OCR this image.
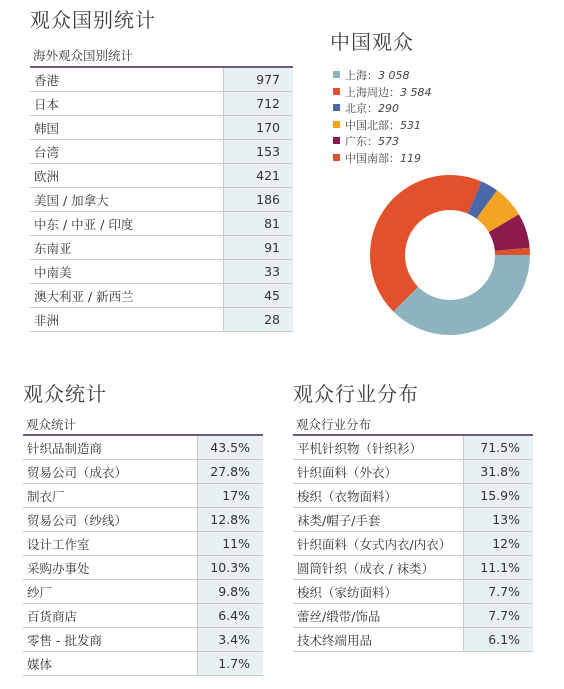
观众国别统计
海外观众国别统计
香港	977
日本	712
韩国	170
台湾	153
欧洲	421
美国 / 加拿大	186
中东 / 中亚 / 印度	81
东南亚	91
中南美	33
澳大利亚 / 新西兰	45
非洲	28
中国观众
上海：3 058
上海周边：3 584
北京：290
中国北部：531
广东：573
中国南部：119
观众统计
观众统计
针织品制造商	43.5%
贸易公司（成衣）	27.8%
制衣厂	17%
贸易公司（纱线）	12.8%
设计工作室	11%
采购办事处	10.3%
纱厂	9.8%
百货商店	6.4%
零售 - 批发商	3.4%
媒体	1.7%
观众行业分布
观众行业分布
平机针织物（针织衫）	71.5%
针织面料（外衣）	31.8%
梭织（衣物面料）	15.9%
袜类/帽子/手套	13%
针织面料（女式内衣/内衣）	12%
圆筒针织（成衣 / 袜类）	11.1%
梭织（家纺面料）	7.7%
蕾丝/缎带/饰品	7.7%
技术终端用品	6.1%
